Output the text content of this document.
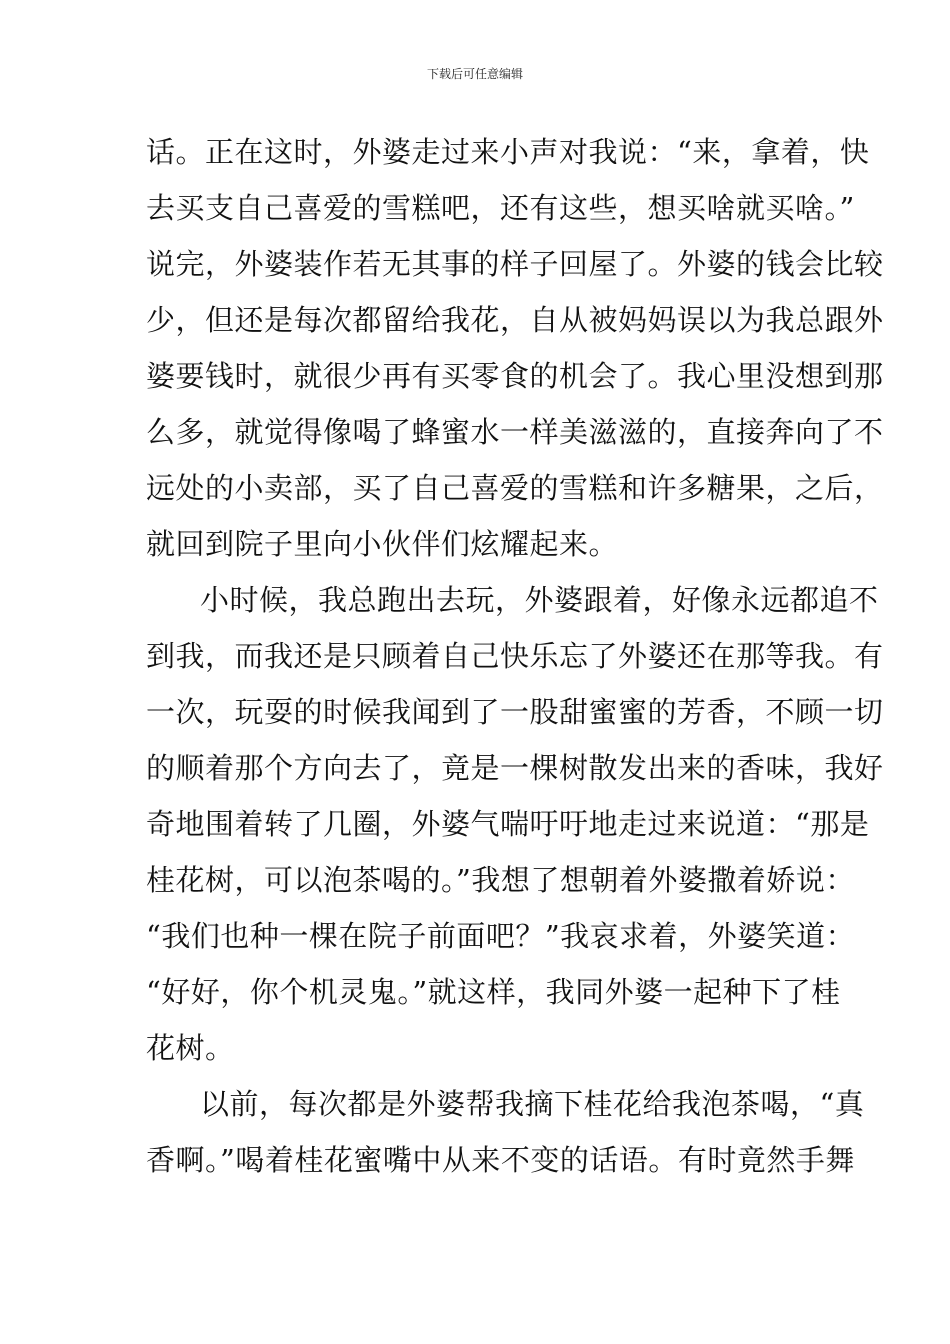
下载后可任意编辑
话。正在这时，外婆走过来小声对我说：“来，拿着，快
去买支自己喜爱的雪糕吧，还有这些，想买啥就买啥。”
说完，外婆装作若无其事的样子回屋了。外婆的钱会比较
少，但还是每次都留给我花，自从被妈妈误以为我总跟外
婆要钱时，就很少再有买零食的机会了。我心里没想到那
么多，就觉得像喝了蜂蜜水一样美滋滋的，直接奔向了不
远处的小卖部，买了自己喜爱的雪糕和许多糖果，之后，
就回到院子里向小伙伴们炫耀起来。
小时候，我总跑出去玩，外婆跟着，好像永远都追不
到我，而我还是只顾着自己快乐忘了外婆还在那等我。有
一次，玩耍的时候我闻到了一股甜蜜蜜的芳香，不顾一切
的顺着那个方向去了，竟是一棵树散发出来的香味，我好
奇地围着转了几圈，外婆气喘吁吁地走过来说道：“那是
桂花树，可以泡茶喝的。”我想了想朝着外婆撒着娇说：
“我们也种一棵在院子前面吧？”我哀求着，外婆笑道：
“好好，你个机灵鬼。”就这样，我同外婆一起种下了桂
花树。
以前，每次都是外婆帮我摘下桂花给我泡茶喝，“真
香啊。”喝着桂花蜜嘴中从来不变的话语。有时竟然手舞
